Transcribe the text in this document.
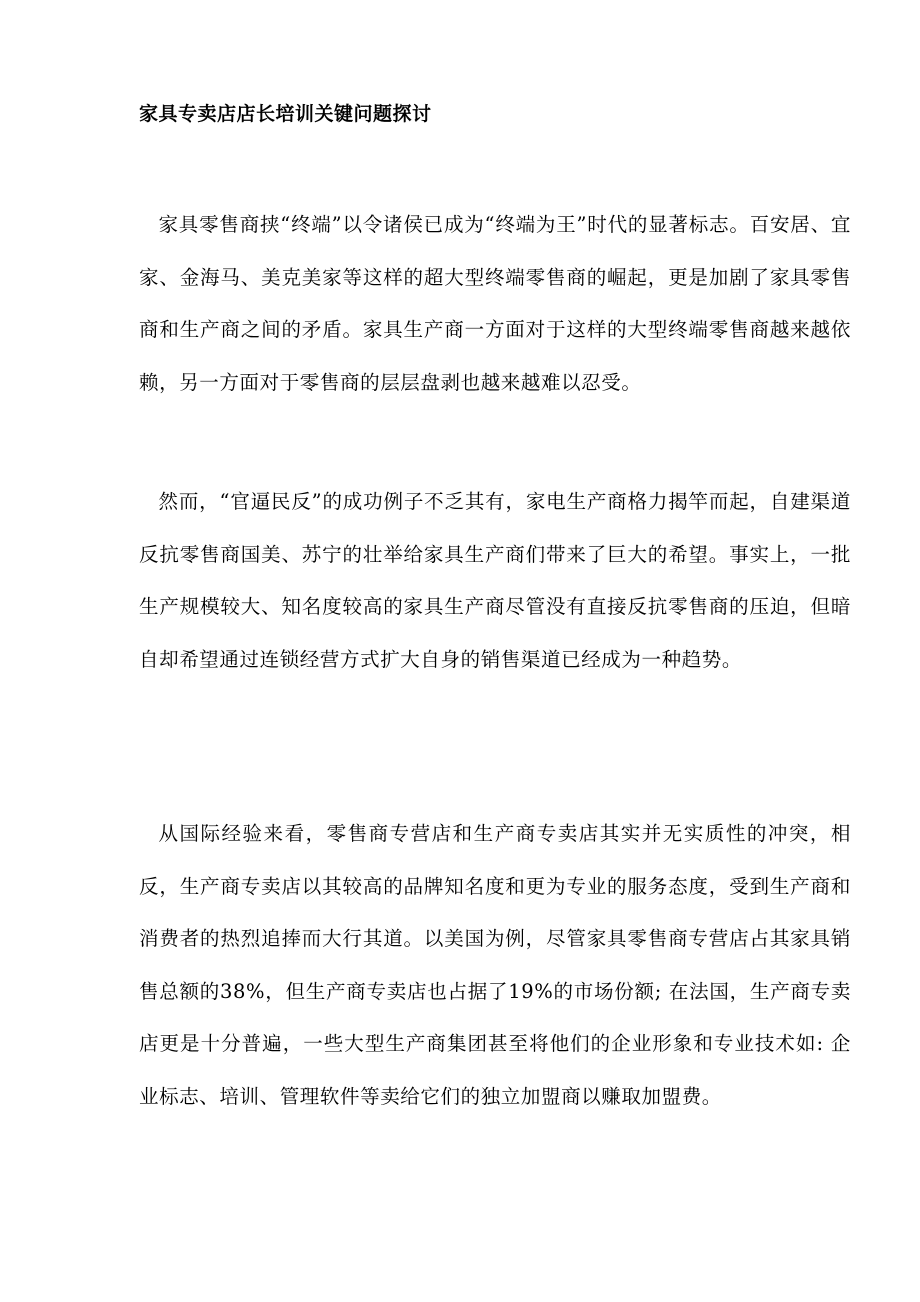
家具专卖店店长培训关键问题探讨

家具零售商挟“终端”以令诸侯已成为“终端为王”时代的显著标志。百安居、宜家、金海马、美克美家等这样的超大型终端零售商的崛起，更是加剧了家具零售商和生产商之间的矛盾。家具生产商一方面对于这样的大型终端零售商越来越依赖，另一方面对于零售商的层层盘剥也越来越难以忍受。

然而，“官逼民反”的成功例子不乏其有，家电生产商格力揭竿而起，自建渠道反抗零售商国美、苏宁的壮举给家具生产商们带来了巨大的希望。事实上，一批生产规模较大、知名度较高的家具生产商尽管没有直接反抗零售商的压迫，但暗自却希望通过连锁经营方式扩大自身的销售渠道已经成为一种趋势。

从国际经验来看，零售商专营店和生产商专卖店其实并无实质性的冲突，相反，生产商专卖店以其较高的品牌知名度和更为专业的服务态度，受到生产商和消费者的热烈追捧而大行其道。以美国为例，尽管家具零售商专营店占其家具销售总额的38%，但生产商专卖店也占据了19%的市场份额; 在法国，生产商专卖店更是十分普遍，一些大型生产商集团甚至将他们的企业形象和专业技术如: 企业标志、培训、管理软件等卖给它们的独立加盟商以赚取加盟费。
